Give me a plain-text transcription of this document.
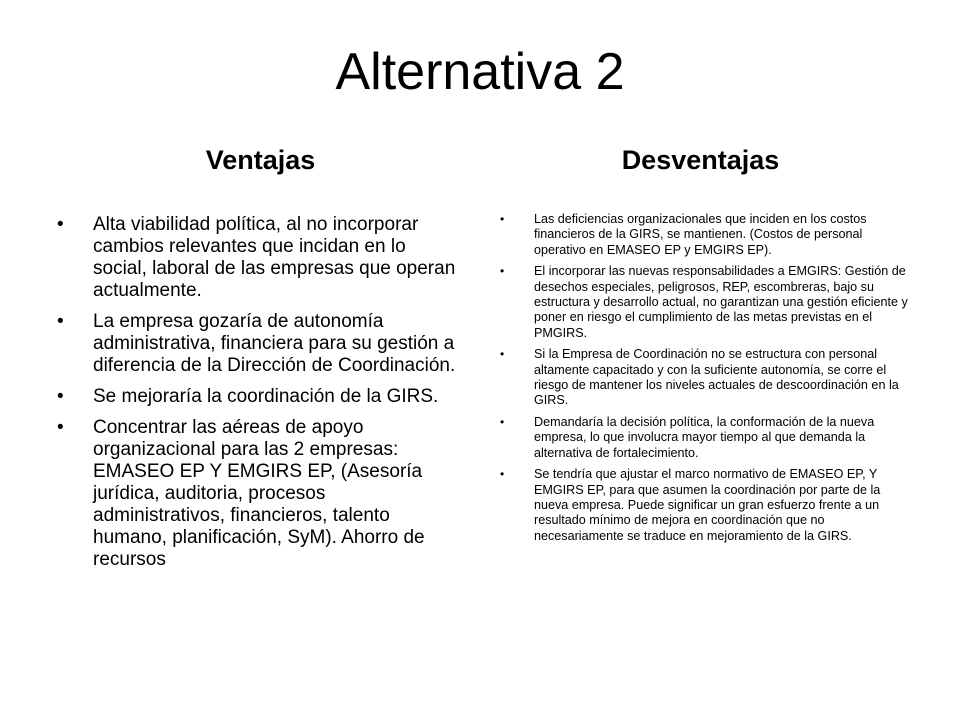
Alternativa 2
Ventajas	Desventajas
• Alta viabilidad política, al no incorporar cambios relevantes que incidan en lo social, laboral de las empresas que operan actualmente.
• La empresa gozaría de autonomía administrativa, financiera para su gestión a diferencia de la Dirección de Coordinación.
• Se mejoraría la coordinación de la GIRS.
• Concentrar las aéreas de apoyo organizacional para las 2 empresas: EMASEO EP Y EMGIRS EP, (Asesoría jurídica, auditoria, procesos administrativos, financieros, talento humano, planificación, SyM). Ahorro de recursos
• Las deficiencias organizacionales que inciden en los costos financieros de la GIRS, se mantienen. (Costos de personal operativo en EMASEO EP y EMGIRS EP).
• El incorporar las nuevas responsabilidades a EMGIRS: Gestión de desechos especiales, peligrosos, REP, escombreras, bajo su estructura y desarrollo actual, no garantizan una gestión eficiente y poner en riesgo el cumplimiento de las metas previstas en el PMGIRS.
• Si la Empresa de Coordinación no se estructura con personal altamente capacitado y con la suficiente autonomía, se corre el riesgo de mantener los niveles actuales de descoordinación en la GIRS.
• Demandaría la decisión política, la conformación de la nueva empresa, lo que involucra mayor tiempo al que demanda la alternativa de fortalecimiento.
• Se tendría que ajustar el marco normativo de EMASEO EP, Y EMGIRS EP, para que asumen la coordinación por parte de la nueva empresa. Puede significar un gran esfuerzo frente a un resultado mínimo de mejora en coordinación que no necesariamente se traduce en mejoramiento de la GIRS.
